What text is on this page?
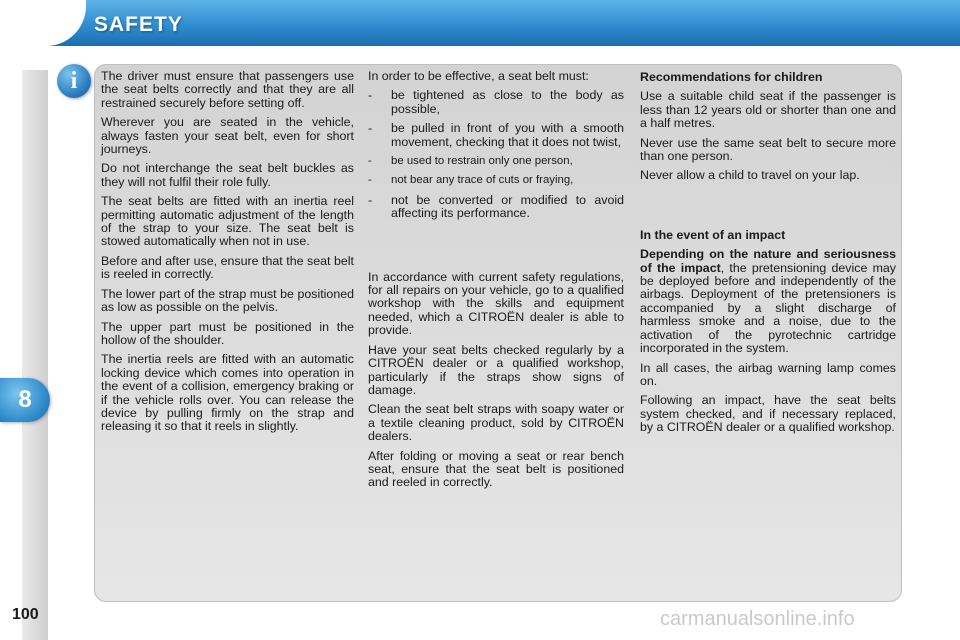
SAFETY
8
i	The driver must ensure that passengers use the seat belts correctly and that they are all restrained securely before setting off.

Wherever you are seated in the vehicle, always fasten your seat belt, even for short journeys.

Do not interchange the seat belt buckles as they will not fulfil their role fully.

The seat belts are fitted with an inertia reel permitting automatic adjustment of the length of the strap to your size. The seat belt is stowed automatically when not in use.

Before and after use, ensure that the seat belt is reeled in correctly.

The lower part of the strap must be positioned as low as possible on the pelvis.

The upper part must be positioned in the hollow of the shoulder.

The inertia reels are fitted with an automatic locking device which comes into operation in the event of a collision, emergency braking or if the vehicle rolls over. You can release the device by pulling firmly on the strap and releasing it so that it reels in slightly.

In order to be effective, a seat belt must:

- be tightened as close to the body as possible,
- be pulled in front of you with a smooth movement, checking that it does not twist,
- be used to restrain only one person,
- not bear any trace of cuts or fraying,
- not be converted or modified to avoid affecting its performance.

In accordance with current safety regulations, for all repairs on your vehicle, go to a qualified workshop with the skills and equipment needed, which a CITROËN dealer is able to provide.

Have your seat belts checked regularly by a CITROËN dealer or a qualified workshop, particularly if the straps show signs of damage.

Clean the seat belt straps with soapy water or a textile cleaning product, sold by CITROËN dealers.

After folding or moving a seat or rear bench seat, ensure that the seat belt is positioned and reeled in correctly.

Recommendations for children

Use a suitable child seat if the passenger is less than 12 years old or shorter than one and a half metres.

Never use the same seat belt to secure more than one person.

Never allow a child to travel on your lap.

In the event of an impact

Depending on the nature and seriousness of the impact, the pretensioning device may be deployed before and independently of the airbags. Deployment of the pretensioners is accompanied by a slight discharge of harmless smoke and a noise, due to the activation of the pyrotechnic cartridge incorporated in the system.

In all cases, the airbag warning lamp comes on.

Following an impact, have the seat belts system checked, and if necessary replaced, by a CITROËN dealer or a qualified workshop.

100	carmanualsonline.info
